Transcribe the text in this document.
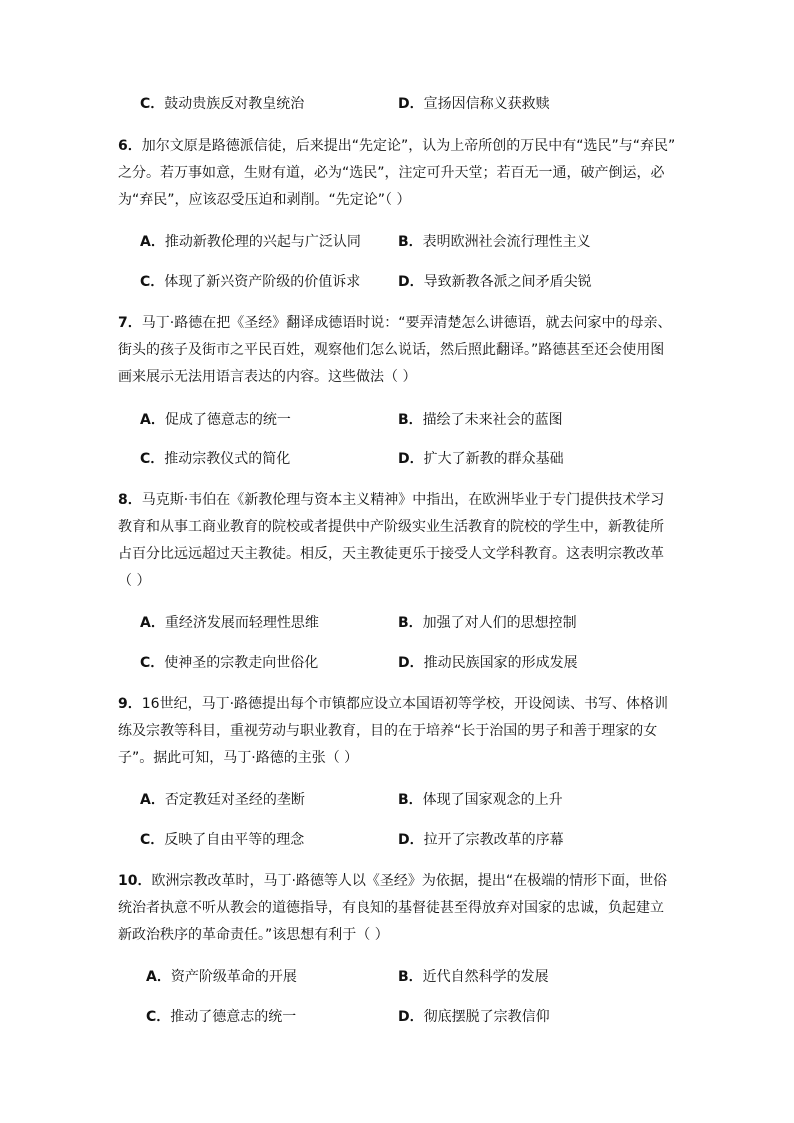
C．鼓动贵族反对教皇统治	D．宣扬因信称义获救赎
6．加尔文原是路德派信徒，后来提出“先定论”，认为上帝所创的万民中有“选民”与“弃民”
之分。若万事如意，生财有道，必为“选民”，注定可升天堂；若百无一通，破产倒运，必
为“弃民”，应该忍受压迫和剥削。“先定论”（ ）
A．推动新教伦理的兴起与广泛认同	B．表明欧洲社会流行理性主义
C．体现了新兴资产阶级的价值诉求	D．导致新教各派之间矛盾尖锐
7．马丁·路德在把《圣经》翻译成德语时说：“要弄清楚怎么讲德语，就去问家中的母亲、
街头的孩子及街市之平民百姓，观察他们怎么说话，然后照此翻译。”路德甚至还会使用图
画来展示无法用语言表达的内容。这些做法（ ）
A．促成了德意志的统一	B．描绘了未来社会的蓝图
C．推动宗教仪式的简化	D．扩大了新教的群众基础
8．马克斯·韦伯在《新教伦理与资本主义精神》中指出，在欧洲毕业于专门提供技术学习
教育和从事工商业教育的院校或者提供中产阶级实业生活教育的院校的学生中，新教徒所
占百分比远远超过天主教徒。相反，天主教徒更乐于接受人文学科教育。这表明宗教改革
（ ）
A．重经济发展而轻理性思维	B．加强了对人们的思想控制
C．使神圣的宗教走向世俗化	D．推动民族国家的形成发展
9．16世纪，马丁·路德提出每个市镇都应设立本国语初等学校，开设阅读、书写、体格训
练及宗教等科目，重视劳动与职业教育，目的在于培养“长于治国的男子和善于理家的女
子”。据此可知，马丁·路德的主张（ ）
A．否定教廷对圣经的垄断	B．体现了国家观念的上升
C．反映了自由平等的理念	D．拉开了宗教改革的序幕
10．欧洲宗教改革时，马丁·路德等人以《圣经》为依据，提出“在极端的情形下面，世俗
统治者执意不听从教会的道德指导，有良知的基督徒甚至得放弃对国家的忠诚，负起建立
新政治秩序的革命责任。”该思想有利于（ ）
A．资产阶级革命的开展	B．近代自然科学的发展
C．推动了德意志的统一	D．彻底摆脱了宗教信仰
